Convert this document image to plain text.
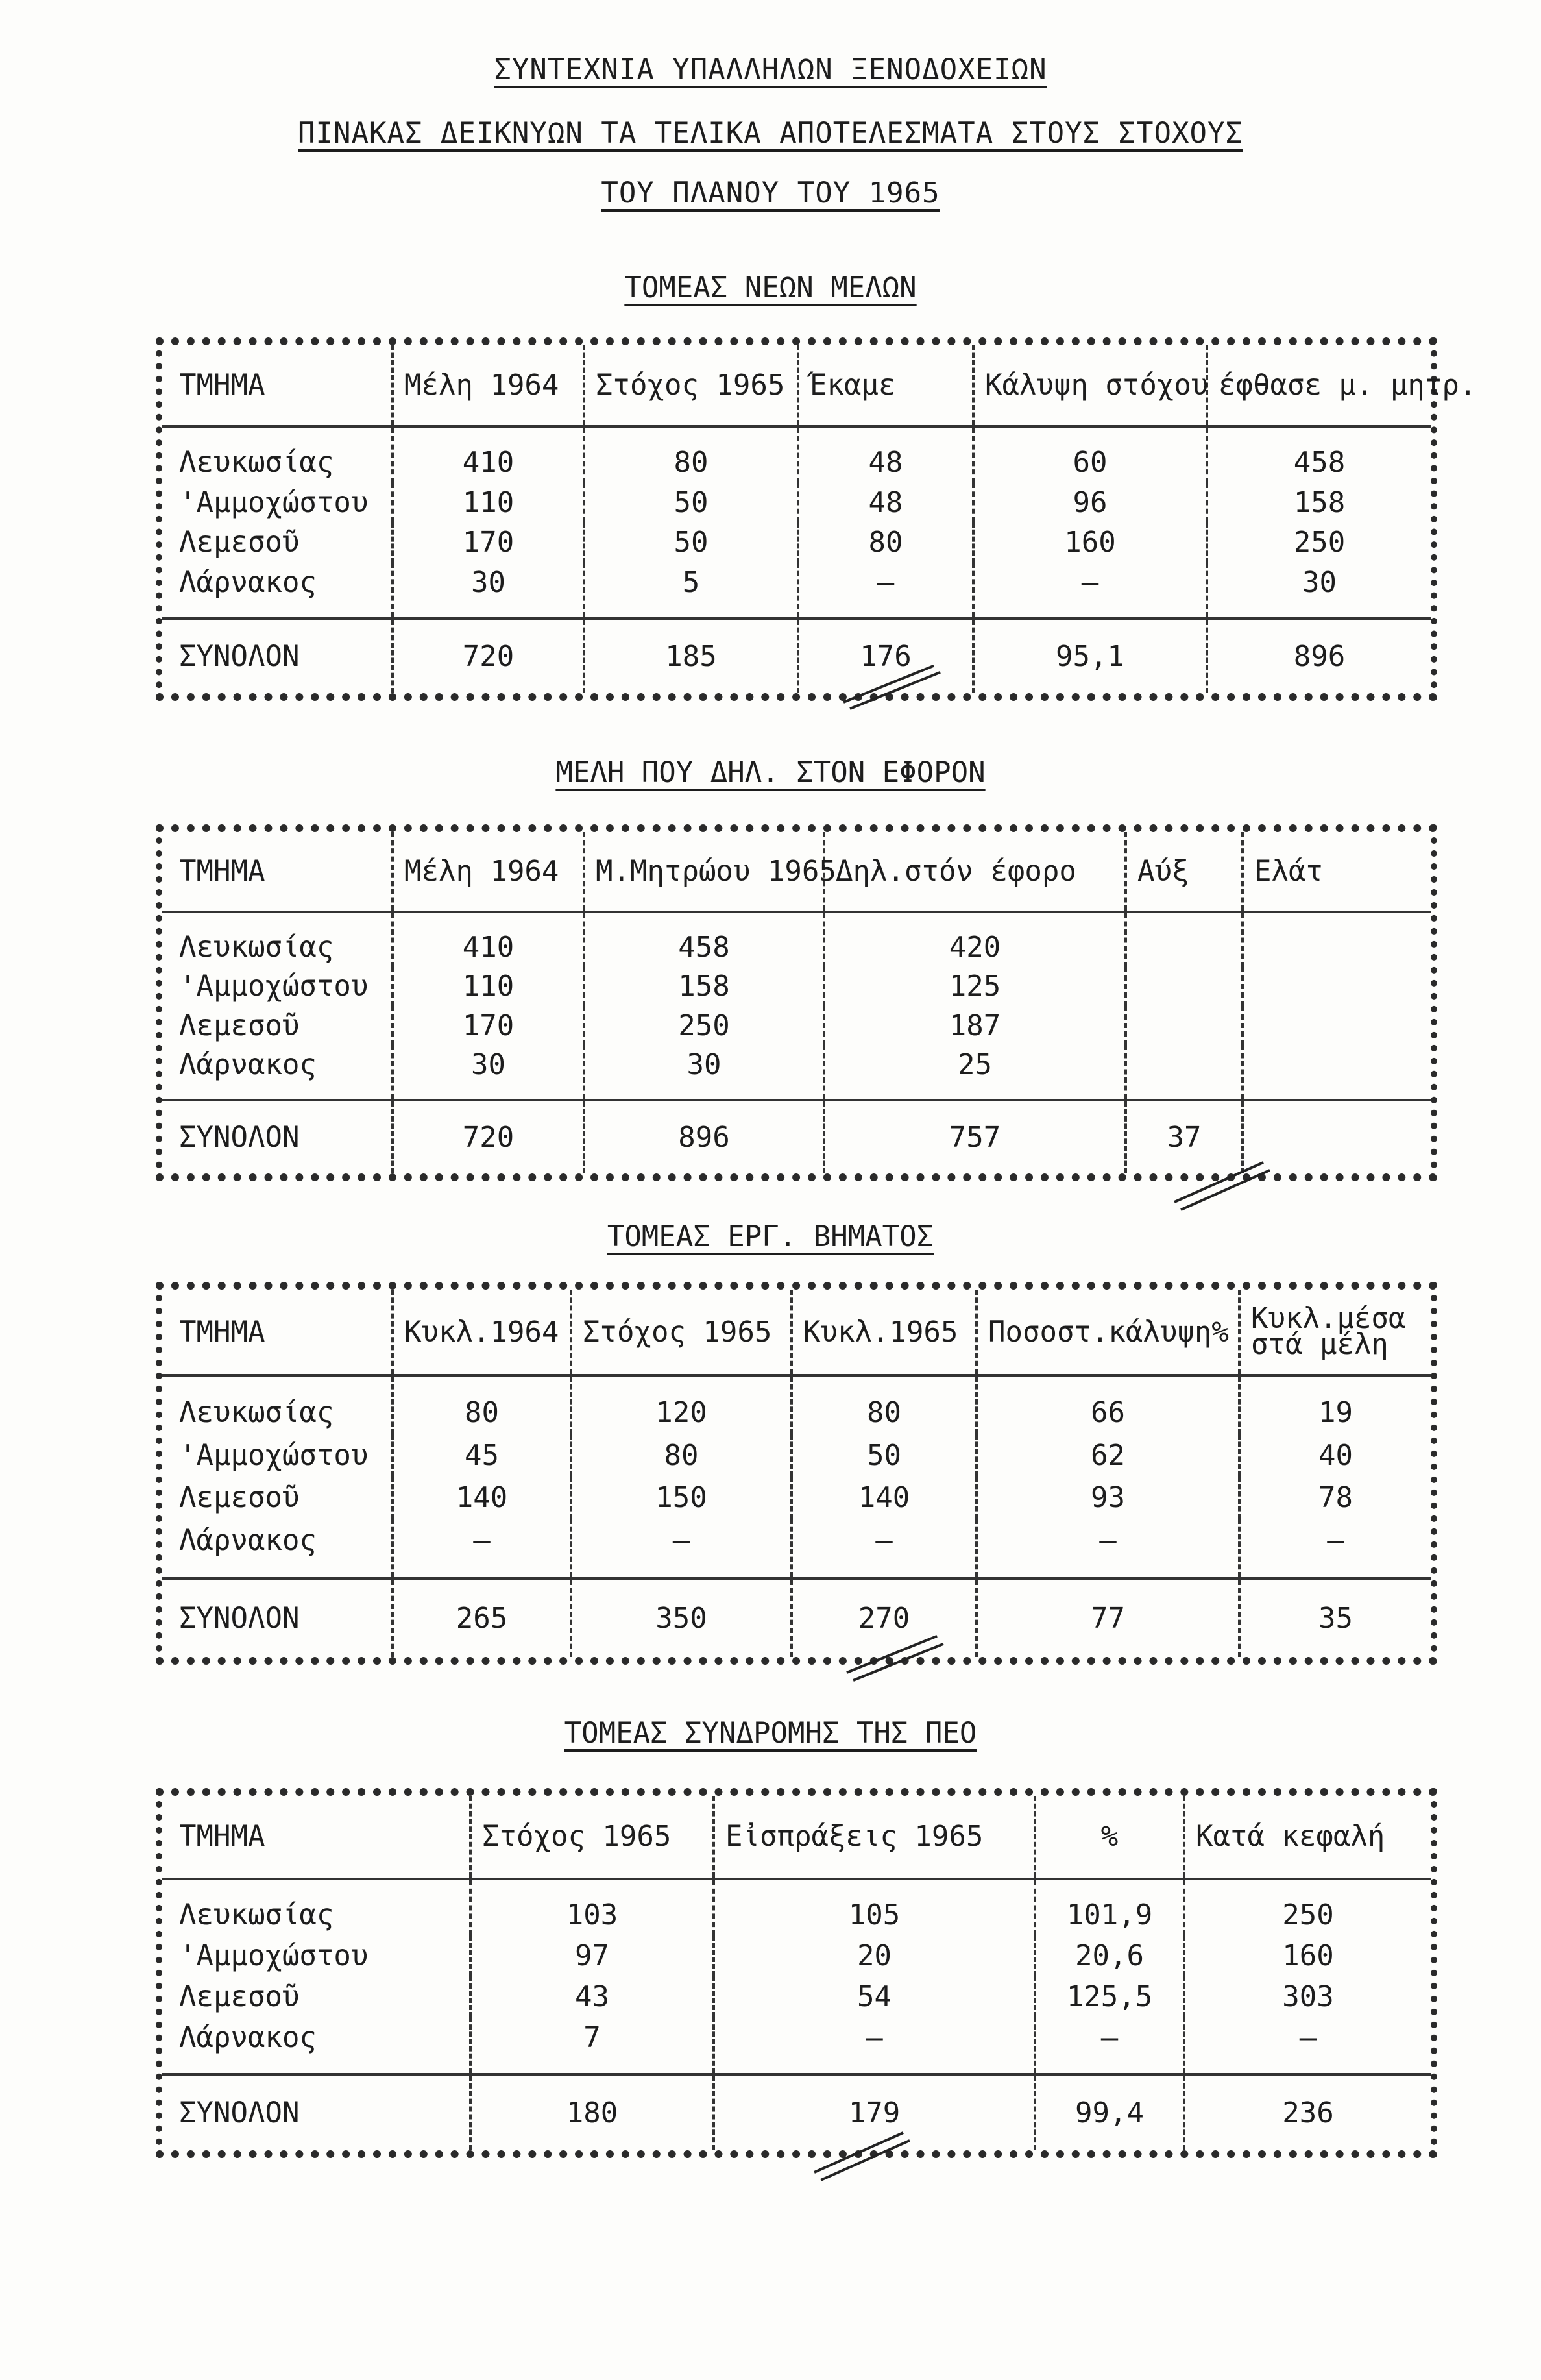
ΣΥΝΤΕΧΝΙΑ ΥΠΑΛΛΗΛΩΝ ΞΕΝΟΔΟΧΕΙΩΝ
ΠΙΝΑΚΑΣ ΔΕΙΚΝΥΩΝ ΤΑ ΤΕΛΙΚΑ ΑΠΟΤΕΛΕΣΜΑΤΑ ΣΤΟΥΣ ΣΤΟΧΟΥΣ
ΤΟΥ ΠΛΑΝΟΥ ΤΟΥ 1965
ΤΟΜΕΑΣ ΝΕΩΝ ΜΕΛΩΝ
ΤΜΗΜΑ	Μέλη 1964	Στόχος 1965	Έκαμε	Κάλυψη στόχου	έφθασε μ. μητρ.
Λευκωσίας	410	80	48	60	458
'Αμμοχώστου	110	50	48	96	158
Λεμεσοῦ	170	50	80	160	250
Λάρνακος	30	5	—	—	30
ΣΥΝΟΛΟΝ	720	185	176	95,1	896
ΜΕΛΗ ΠΟΥ ΔΗΛ. ΣΤΟΝ ΕΦΟΡΟΝ
ΤΜΗΜΑ	Μέλη 1964	Μ.Μητρώου 1965	Δηλ.στόν έφορο	Αύξ	Ελάτ
Λευκωσίας	410	458	420		
'Αμμοχώστου	110	158	125		
Λεμεσοῦ	170	250	187		
Λάρνακος	30	30	25		
ΣΥΝΟΛΟΝ	720	896	757	37	
ΤΟΜΕΑΣ ΕΡΓ. ΒΗΜΑΤΟΣ
ΤΜΗΜΑ	Κυκλ.1964	Στόχος 1965	Κυκλ.1965	Ποσοστ.κάλυψη%	Κυκλ.μέσα στά μέλη
Λευκωσίας	80	120	80	66	19
'Αμμοχώστου	45	80	50	62	40
Λεμεσοῦ	140	150	140	93	78
Λάρνακος	—	—	—	—	—
ΣΥΝΟΛΟΝ	265	350	270	77	35
ΤΟΜΕΑΣ ΣΥΝΔΡΟΜΗΣ ΤΗΣ ΠΕΟ
ΤΜΗΜΑ	Στόχος 1965	Εἰσπράξεις 1965	%	Κατά κεφαλή
Λευκωσίας	103	105	101,9	250
'Αμμοχώστου	97	20	20,6	160
Λεμεσοῦ	43	54	125,5	303
Λάρνακος	7	—	—	—
ΣΥΝΟΛΟΝ	180	179	99,4	236
